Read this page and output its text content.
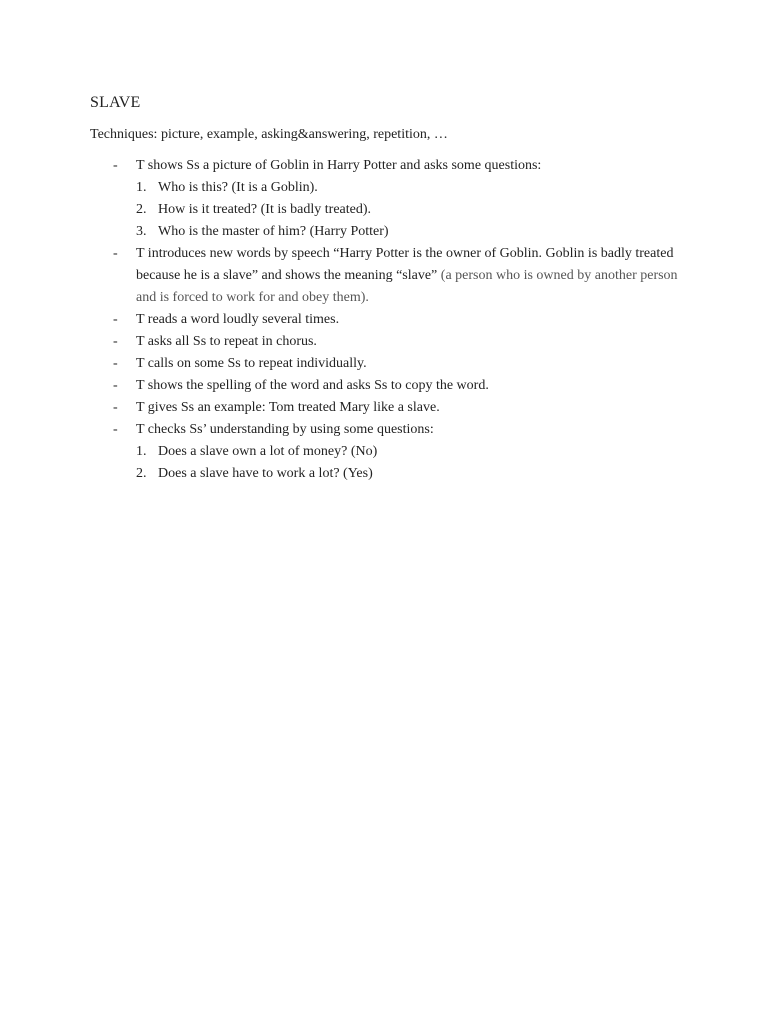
SLAVE
Techniques: picture, example, asking&answering, repetition, …
- T shows Ss a picture of Goblin in Harry Potter and asks some questions:
1. Who is this? (It is a Goblin).
2. How is it treated? (It is badly treated).
3. Who is the master of him? (Harry Potter)
- T introduces new words by speech “Harry Potter is the owner of Goblin. Goblin is badly treated because he is a slave” and shows the meaning “slave” (a person who is owned by another person and is forced to work for and obey them).
- T reads a word loudly several times.
- T asks all Ss to repeat in chorus.
- T calls on some Ss to repeat individually.
- T shows the spelling of the word and asks Ss to copy the word.
- T gives Ss an example: Tom treated Mary like a slave.
- T checks Ss’ understanding by using some questions:
1. Does a slave own a lot of money? (No)
2. Does a slave have to work a lot? (Yes)
